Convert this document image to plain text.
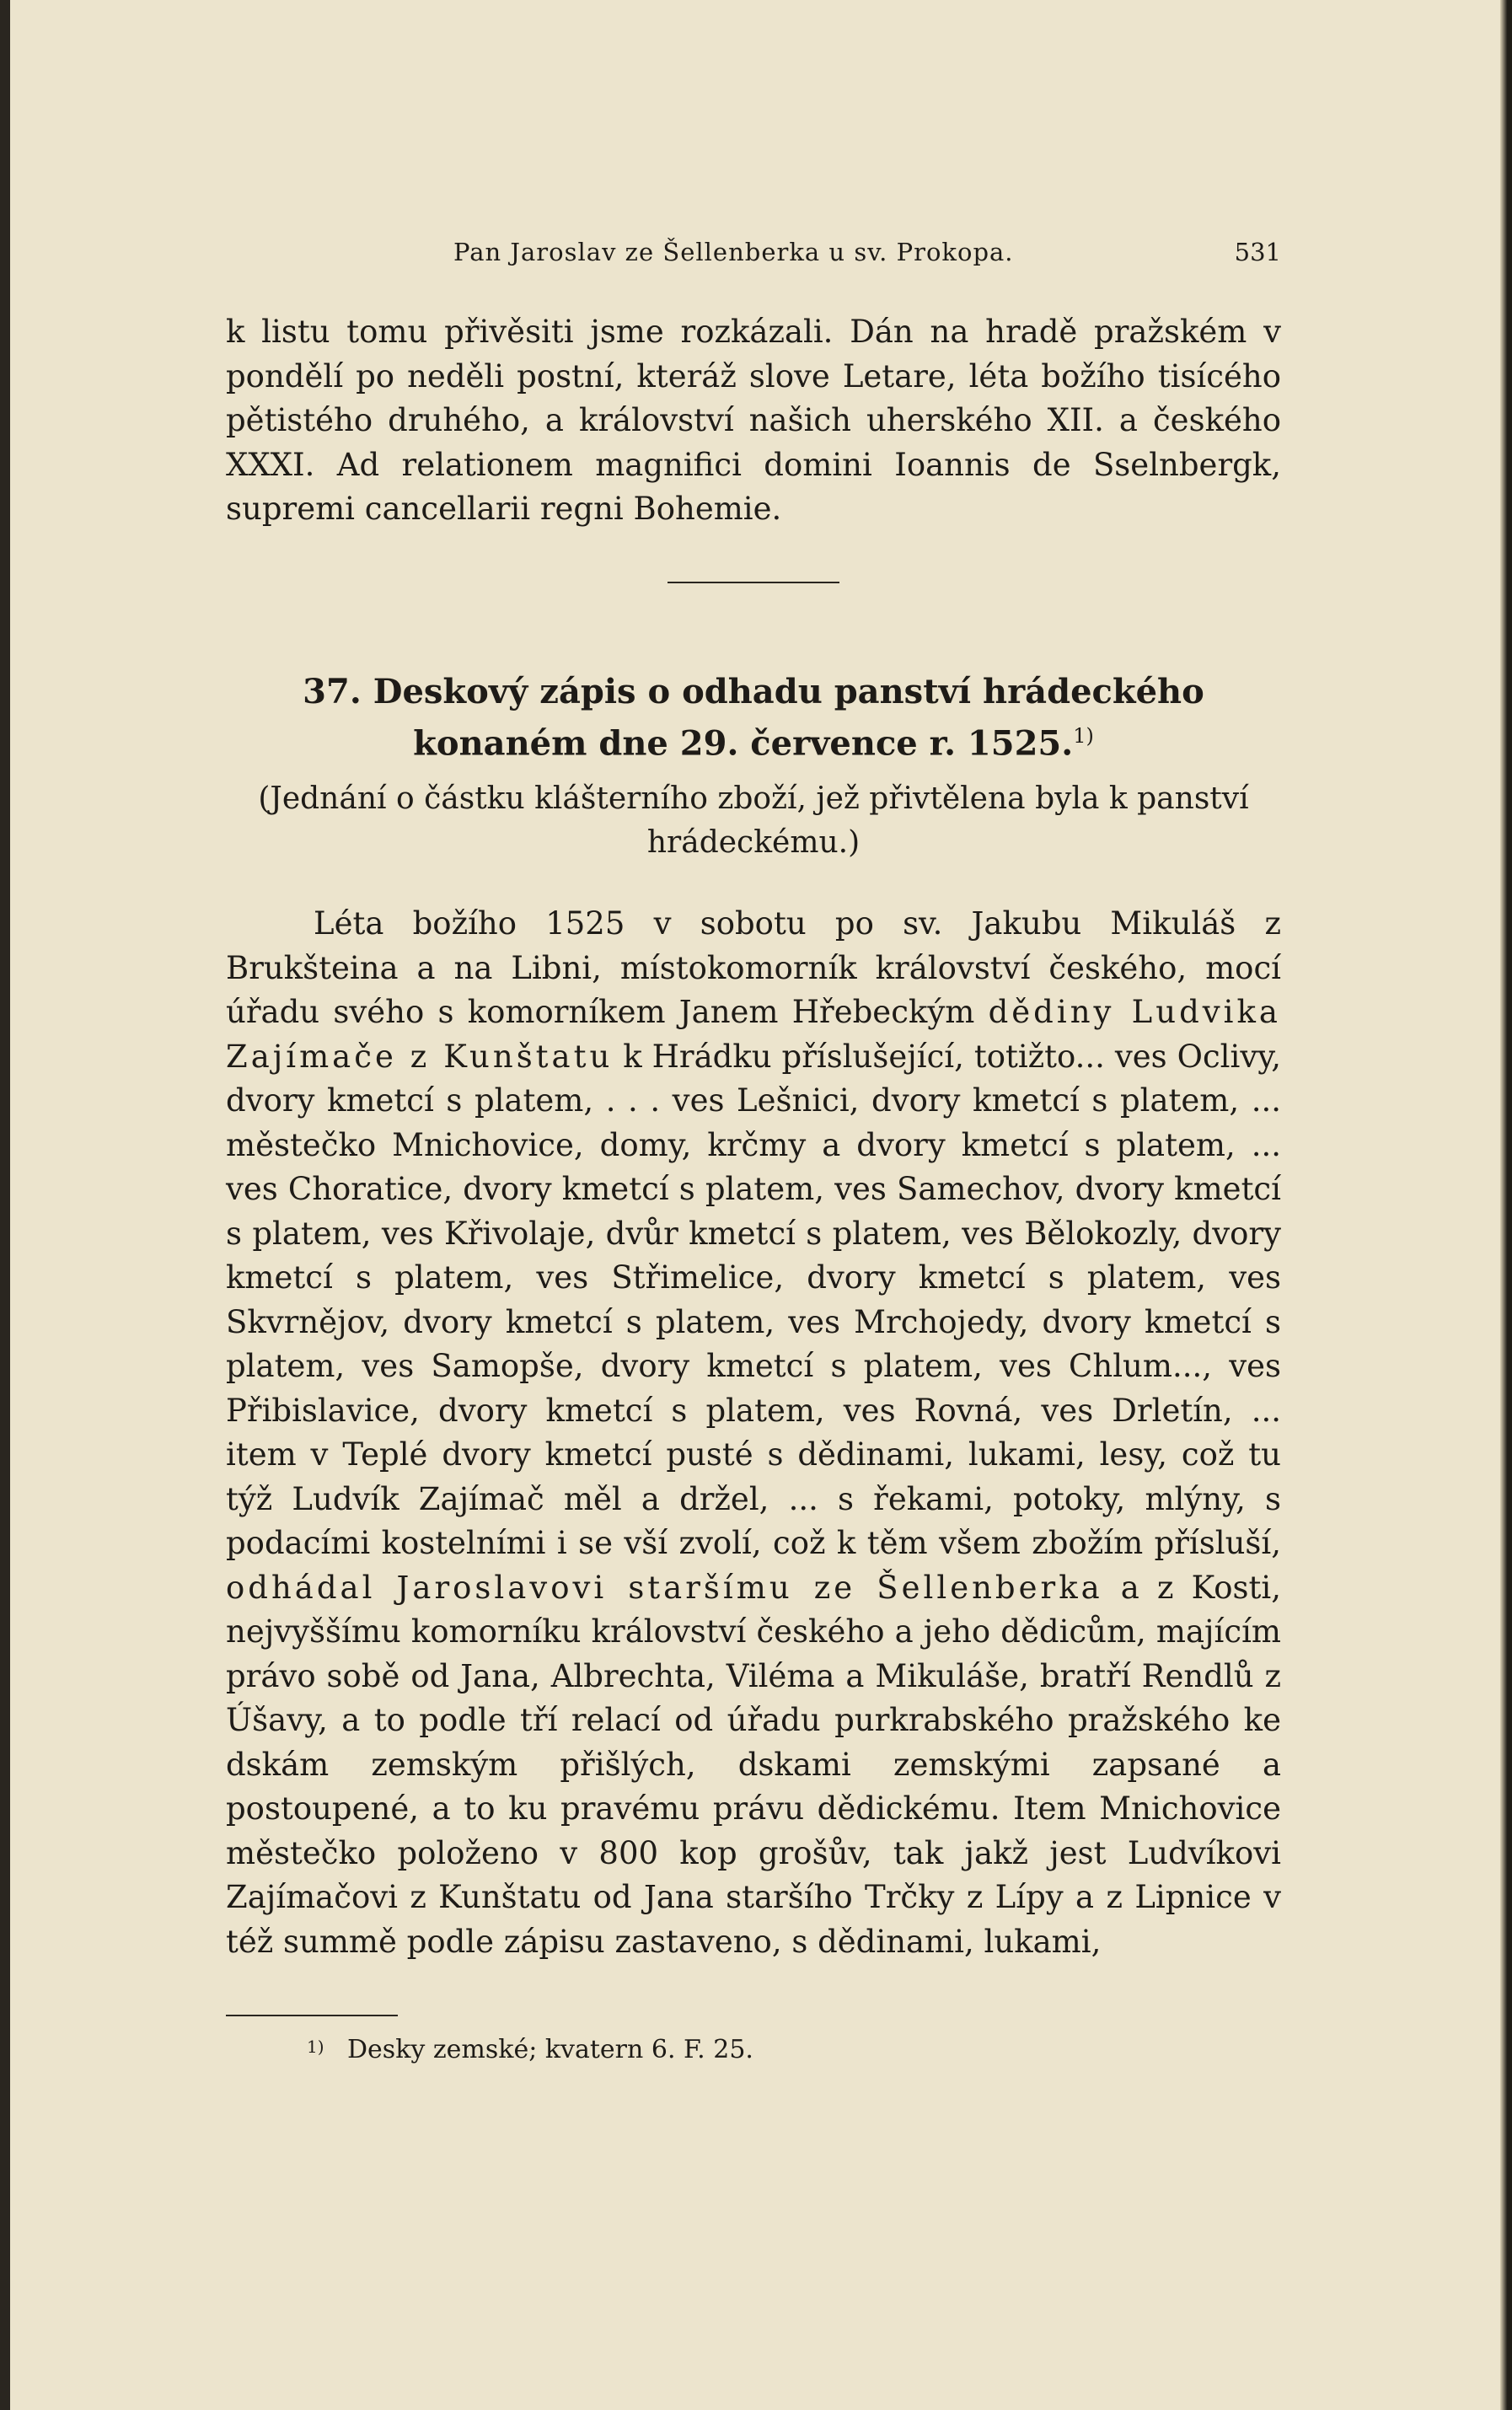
Pan Jaroslav ze Šellenberka u sv. Prokopa.	531

k listu tomu přivěsiti jsme rozkázali. Dán na hradě pražském v pondělí po neděli postní, kteráž slove Letare, léta božího tisícého pětistého druhého, a království našich uherského XII. a českého XXXI. Ad relationem magnifici domini Ioannis de Sselnbergk, supremi cancellarii regni Bohemie.

37. Deskový zápis o odhadu panství hrádeckého konaném dne 29. července r. 1525.$^{1)}$
(Jednání o částku klášterního zboží, jež přivtělena byla k panství hrádeckému.)

Léta božího 1525 v sobotu po sv. Jakubu Mikuláš z Brukšteina a na Libni, místokomorník království českého, mocí úřadu svého s komorníkem Janem Hřebeckým dědiny Ludvika Zajímače z Kunštatu k Hrádku příslušející, totižto... ves Oclivy, dvory kmetcí s platem, . . . ves Lešnici, dvory kmetcí s platem, ... městečko Mnichovice, domy, krčmy a dvory kmetcí s platem, ... ves Choratice, dvory kmetcí s platem, ves Samechov, dvory kmetcí s platem, ves Křivolaje, dvůr kmetcí s platem, ves Bělokozly, dvory kmetcí s platem, ves Střimelice, dvory kmetcí s platem, ves Skvrnějov, dvory kmetcí s platem, ves Mrchojedy, dvory kmetcí s platem, ves Samopše, dvory kmetcí s platem, ves Chlum..., ves Přibislavice, dvory kmetcí s platem, ves Rovná, ves Drletín, ... item v Teplé dvory kmetcí pusté s dědinami, lukami, lesy, což tu týž Ludvík Zajímač měl a držel, ... s řekami, potoky, mlýny, s podacími kostelními i se vší zvolí, což k těm všem zbožím přísluší, odhádal Jaroslavovi staršímu ze Šellenberka a z Kosti, nejvyššímu komorníku království českého a jeho dědicům, majícím právo sobě od Jana, Albrechta, Viléma a Mikuláše, bratří Rendlů z Úšavy, a to podle tří relací od úřadu purkrabského pražského ke dskám zemským přišlých, dskami zemskými zapsané a postoupené, a to ku pravému právu dědickému. Item Mnichovice městečko položeno v 800 kop grošův, tak jakž jest Ludvíkovi Zajímačovi z Kunštatu od Jana staršího Trčky z Lípy a z Lipnice v též summě podle zápisu zastaveno, s dědinami, lukami,

1) Desky zemské; kvatern 6. F. 25.
